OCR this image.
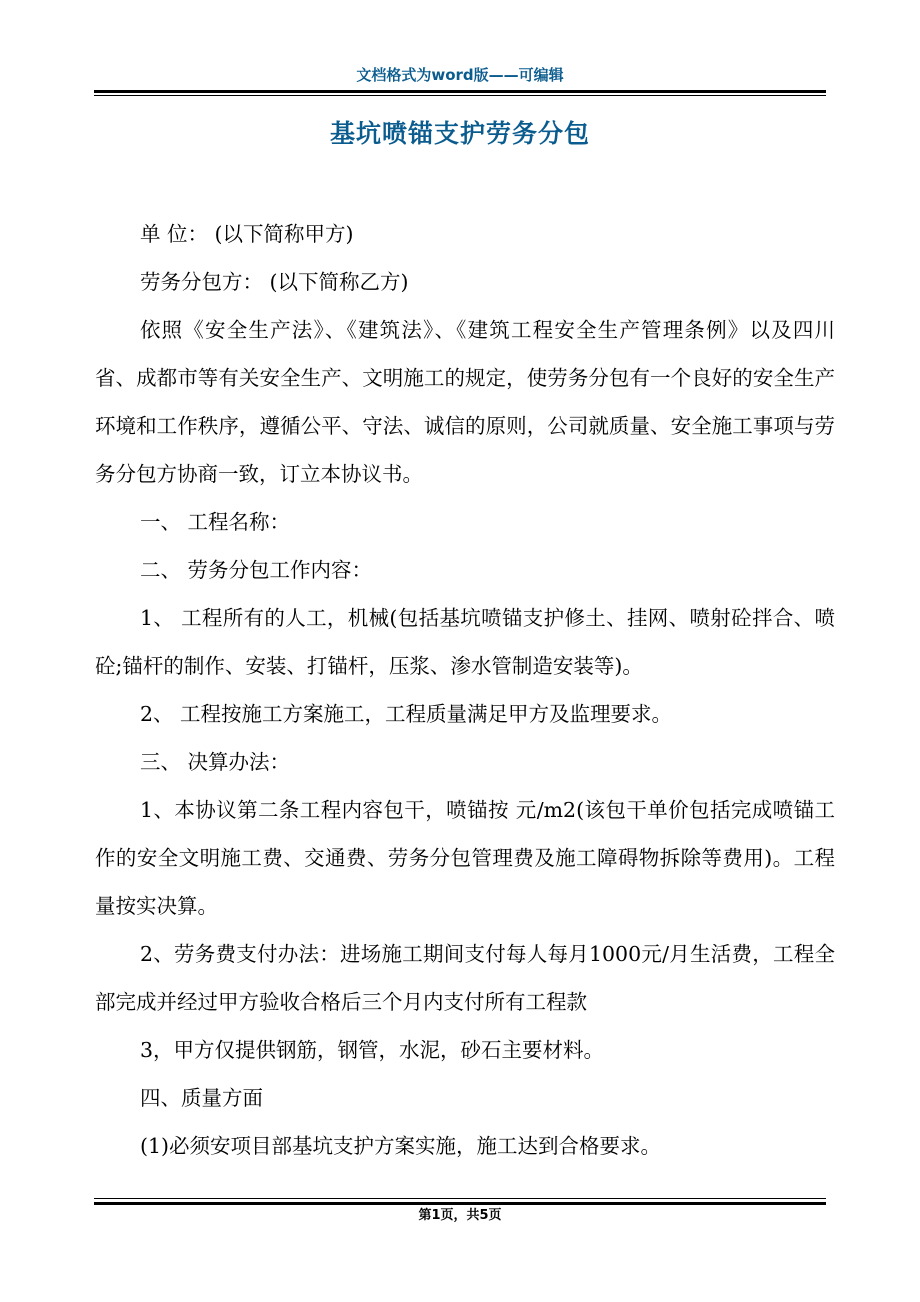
文档格式为word版——可编辑
基坑喷锚支护劳务分包

单 位： (以下简称甲方)

劳务分包方： (以下简称乙方)

依照《安全生产法》、《建筑法》、《建筑工程安全生产管理条例》以及四川省、成都市等有关安全生产、文明施工的规定，使劳务分包有一个良好的安全生产环境和工作秩序，遵循公平、守法、诚信的原则，公司就质量、安全施工事项与劳务分包方协商一致，订立本协议书。

一、 工程名称：

二、 劳务分包工作内容：

1、 工程所有的人工，机械(包括基坑喷锚支护修土、挂网、喷射砼拌合、喷砼;锚杆的制作、安装、打锚杆，压浆、渗水管制造安装等)。

2、 工程按施工方案施工，工程质量满足甲方及监理要求。

三、 决算办法：

1、本协议第二条工程内容包干，喷锚按 元/m2(该包干单价包括完成喷锚工作的安全文明施工费、交通费、劳务分包管理费及施工障碍物拆除等费用)。工程量按实决算。

2、劳务费支付办法：进场施工期间支付每人每月1000元/月生活费，工程全部完成并经过甲方验收合格后三个月内支付所有工程款

3，甲方仅提供钢筋，钢管，水泥，砂石主要材料。

四、质量方面

(1)必须安项目部基坑支护方案实施，施工达到合格要求。

第1页，共5页
